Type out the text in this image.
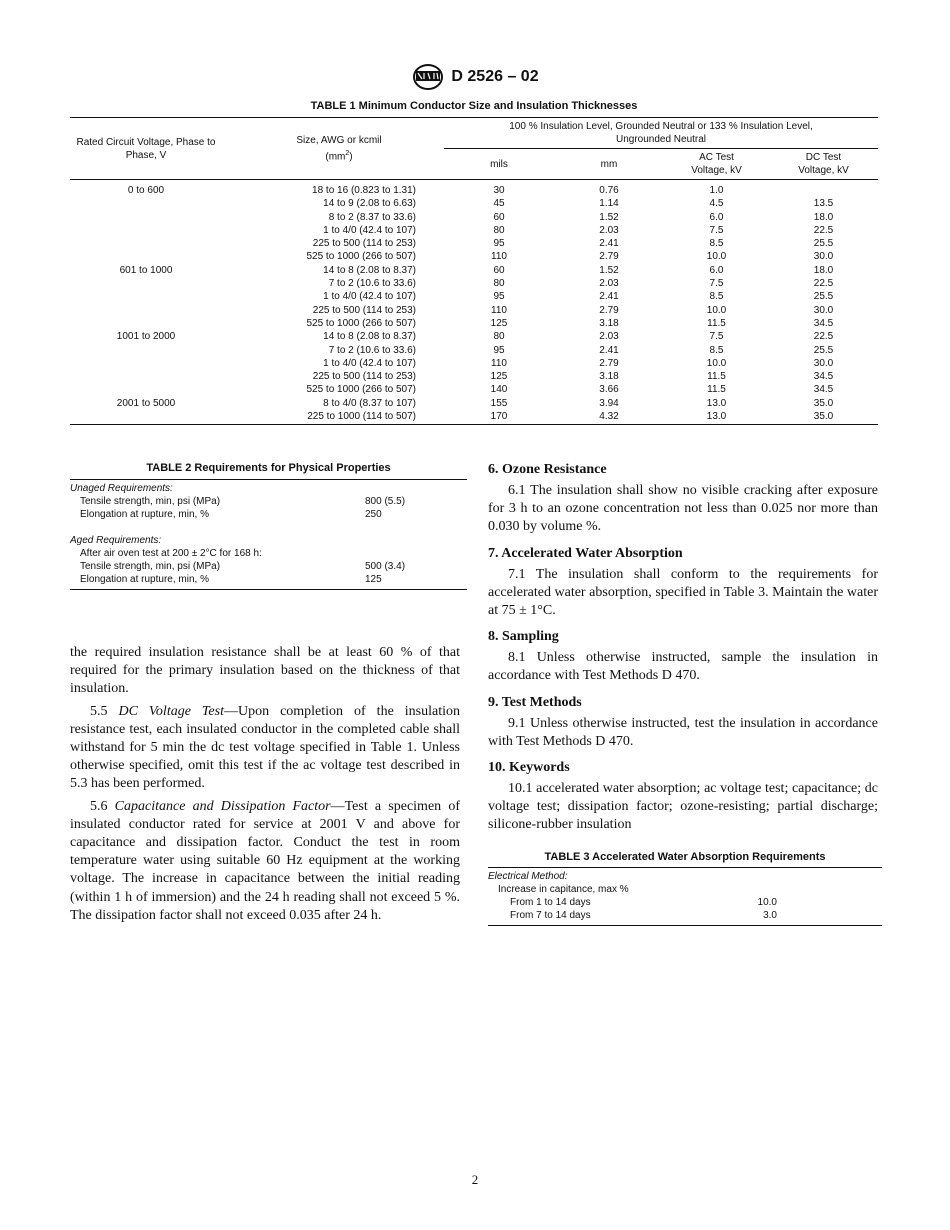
D 2526 – 02
TABLE 1 Minimum Conductor Size and Insulation Thicknesses
Rated Circuit Voltage, Phase to Phase, V	Size, AWG or kcmil
$(mm^2)$	100 % Insulation Level, Grounded Neutral or 133 % Insulation Level, Ungrounded Neutral			
		mils	mm	AC Test Voltage, kV	DC Test Voltage, kV
0 to 600	18 to 16 (0.823 to 1.31)	30	0.76	1.0	
	14 to 9 (2.08 to 6.63)	45	1.14	4.5	13.5
	8 to 2 (8.37 to 33.6)	60	1.52	6.0	18.0
	1 to 4/0 (42.4 to 107)	80	2.03	7.5	22.5
	225 to 500 (114 to 253)	95	2.41	8.5	25.5
	525 to 1000 (266 to 507)	110	2.79	10.0	30.0
601 to 1000	14 to 8 (2.08 to 8.37)	60	1.52	6.0	18.0
	7 to 2 (10.6 to 33.6)	80	2.03	7.5	22.5
	1 to 4/0 (42.4 to 107)	95	2.41	8.5	25.5
	225 to 500 (114 to 253)	110	2.79	10.0	30.0
	525 to 1000 (266 to 507)	125	3.18	11.5	34.5
1001 to 2000	14 to 8 (2.08 to 8.37)	80	2.03	7.5	22.5
	7 to 2 (10.6 to 33.6)	95	2.41	8.5	25.5
	1 to 4/0 (42.4 to 107)	110	2.79	10.0	30.0
	225 to 500 (114 to 253)	125	3.18	11.5	34.5
	525 to 1000 (266 to 507)	140	3.66	11.5	34.5
2001 to 5000	8 to 4/0 (8.37 to 107)	155	3.94	13.0	35.0
	225 to 1000 (114 to 507)	170	4.32	13.0	35.0
TABLE 2 Requirements for Physical Properties
Unaged Requirements:
Tensile strength, min, psi (MPa)	800 (5.5)
Elongation at rupture, min, %	250
Aged Requirements:
After air oven test at 200 ± 2°C for 168 h:
Tensile strength, min, psi (MPa)	500 (3.4)
Elongation at rupture, min, %	125

the required insulation resistance shall be at least 60 % of that required for the primary insulation based on the thickness of that insulation.

5.5 DC Voltage Test—Upon completion of the insulation resistance test, each insulated conductor in the completed cable shall withstand for 5 min the dc test voltage specified in Table 1. Unless otherwise specified, omit this test if the ac voltage test described in 5.3 has been performed.

5.6 Capacitance and Dissipation Factor—Test a specimen of insulated conductor rated for service at 2001 V and above for capacitance and dissipation factor. Conduct the test in room temperature water using suitable 60 Hz equipment at the working voltage. The increase in capacitance between the initial reading (within 1 h of immersion) and the 24 h reading shall not exceed 5 %. The dissipation factor shall not exceed 0.035 after 24 h.

6. Ozone Resistance

6.1 The insulation shall show no visible cracking after exposure for 3 h to an ozone concentration not less than 0.025 nor more than 0.030 by volume %.

7. Accelerated Water Absorption

7.1 The insulation shall conform to the requirements for accelerated water absorption, specified in Table 3. Maintain the water at 75 ± 1°C.

8. Sampling

8.1 Unless otherwise instructed, sample the insulation in accordance with Test Methods D 470.

9. Test Methods

9.1 Unless otherwise instructed, test the insulation in accordance with Test Methods D 470.

10. Keywords

10.1 accelerated water absorption; ac voltage test; capacitance; dc voltage test; dissipation factor; ozone-resisting; partial discharge; silicone-rubber insulation

TABLE 3 Accelerated Water Absorption Requirements
Electrical Method:
Increase in capitance, max %
From 1 to 14 days	10.0
From 7 to 14 days	3.0
2
